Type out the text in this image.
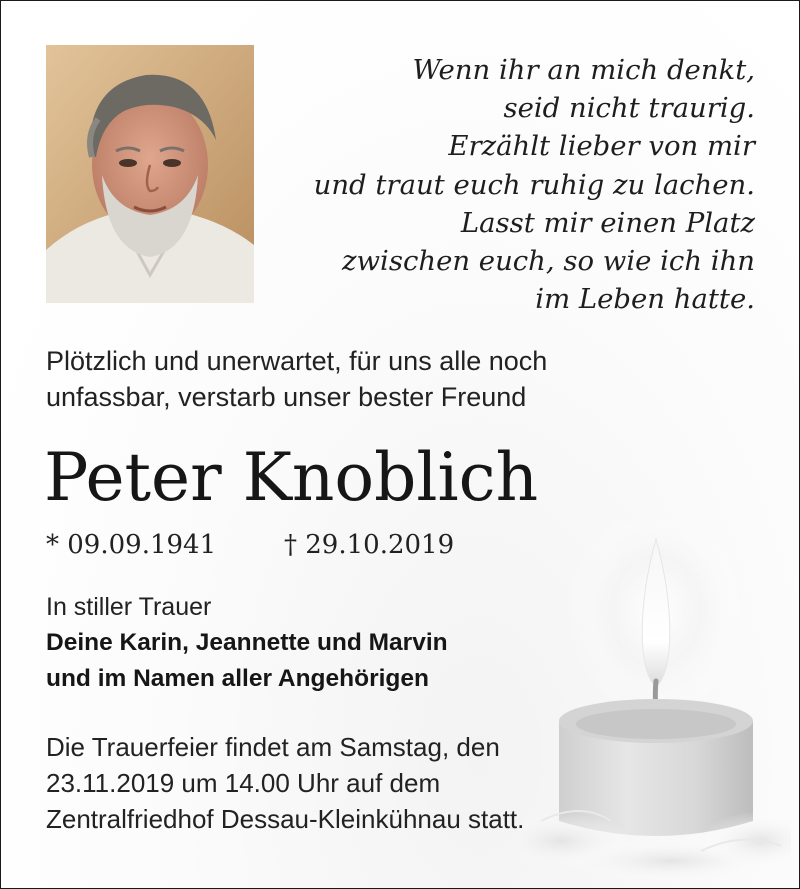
Wenn ihr an mich denkt,
seid nicht traurig.
Erzählt lieber von mir
und traut euch ruhig zu lachen.
Lasst mir einen Platz
zwischen euch, so wie ich ihn
im Leben hatte.
Plötzlich und unerwartet, für uns alle noch
unfassbar, verstarb unser bester Freund
Peter Knoblich
* 09.09.1941	† 29.10.2019
In stiller Trauer
Deine Karin, Jeannette und Marvin
und im Namen aller Angehörigen
Die Trauerfeier findet am Samstag, den
23.11.2019 um 14.00 Uhr auf dem
Zentralfriedhof Dessau-Kleinkühnau statt.
